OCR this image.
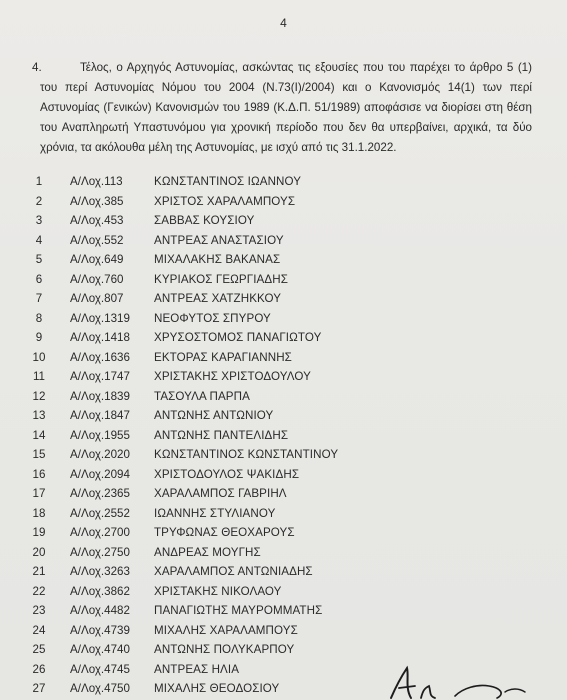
4
4.	Τέλος, ο Αρχηγός Αστυνομίας, ασκώντας τις εξουσίες που του παρέχει το άρθρο 5 (1) του περί Αστυνομίας Νόμου του 2004 (Ν.73(Ι)/2004) και ο Κανονισμός 14(1) των περί Αστυνομίας (Γενικών) Κανονισμών του 1989 (Κ.Δ.Π. 51/1989) αποφάσισε να διορίσει στη θέση του Αναπληρωτή Υπαστυνόμου για χρονική περίοδο που δεν θα υπερβαίνει, αρχικά, τα δύο χρόνια, τα ακόλουθα μέλη της Αστυνομίας, με ισχύ από τις 31.1.2022.
1	Α/Λοχ.113	ΚΩΝΣΤΑΝΤΙΝΟΣ ΙΩΑΝΝΟΥ
2	Α/Λοχ.385	ΧΡΙΣΤΟΣ ΧΑΡΑΛΑΜΠΟΥΣ
3	Α/Λοχ.453	ΣΑΒΒΑΣ ΚΟΥΣΙΟΥ
4	Α/Λοχ.552	ΑΝΤΡΕΑΣ ΑΝΑΣΤΑΣΙΟΥ
5	Α/Λοχ.649	ΜΙΧΑΛΑΚΗΣ ΒΑΚΑΝΑΣ
6	Α/Λοχ.760	ΚΥΡΙΑΚΟΣ ΓΕΩΡΓΙΑΔΗΣ
7	Α/Λοχ.807	ΑΝΤΡΕΑΣ ΧΑΤΖΗΚΚΟΥ
8	Α/Λοχ.1319 ΝΕΟΦΥΤΟΣ ΣΠΥΡΟΥ
9	Α/Λοχ.1418 ΧΡΥΣΟΣΤΟΜΟΣ ΠΑΝΑΓΙΩΤΟΥ
10	Α/Λοχ.1636 ΕΚΤΟΡΑΣ ΚΑΡΑΓΙΑΝΝΗΣ
11	Α/Λοχ.1747 ΧΡΙΣΤΑΚΗΣ ΧΡΙΣΤΟΔΟΥΛΟΥ
12	Α/Λοχ.1839 ΤΑΣΟΥΛΑ ΠΑΡΠΑ
13	Α/Λοχ.1847 ΑΝΤΩΝΗΣ ΑΝΤΩΝΙΟΥ
14	Α/Λοχ.1955 ΑΝΤΩΝΗΣ ΠΑΝΤΕΛΙΔΗΣ
15	Α/Λοχ.2020 ΚΩΝΣΤΑΝΤΙΝΟΣ ΚΩΝΣΤΑΝΤΙΝΟΥ
16	Α/Λοχ.2094 ΧΡΙΣΤΟΔΟΥΛΟΣ ΨΑΚΙΔΗΣ
17	Α/Λοχ.2365 ΧΑΡΑΛΑΜΠΟΣ ΓΑΒΡΙΗΛ
18	Α/Λοχ.2552 ΙΩΑΝΝΗΣ ΣΤΥΛΙΑΝΟΥ
19	Α/Λοχ.2700 ΤΡΥΦΩΝΑΣ ΘΕΟΧΑΡΟΥΣ
20	Α/Λοχ.2750 ΑΝΔΡΕΑΣ ΜΟΥΓΗΣ
21	Α/Λοχ.3263 ΧΑΡΑΛΑΜΠΟΣ ΑΝΤΩΝΙΑΔΗΣ
22	Α/Λοχ.3862 ΧΡΙΣΤΑΚΗΣ ΝΙΚΟΛΑΟΥ
23	Α/Λοχ.4482 ΠΑΝΑΓΙΩΤΗΣ ΜΑΥΡΟΜΜΑΤΗΣ
24	Α/Λοχ.4739 ΜΙΧΑΛΗΣ ΧΑΡΑΛΑΜΠΟΥΣ
25	Α/Λοχ.4740 ΑΝΤΩΝΗΣ ΠΟΛΥΚΑΡΠΟΥ
26	Α/Λοχ.4745 ΑΝΤΡΕΑΣ ΗΛΙΑ
27	Α/Λοχ.4750 ΜΙΧΑΛΗΣ ΘΕΟΔΟΣΙΟΥ
